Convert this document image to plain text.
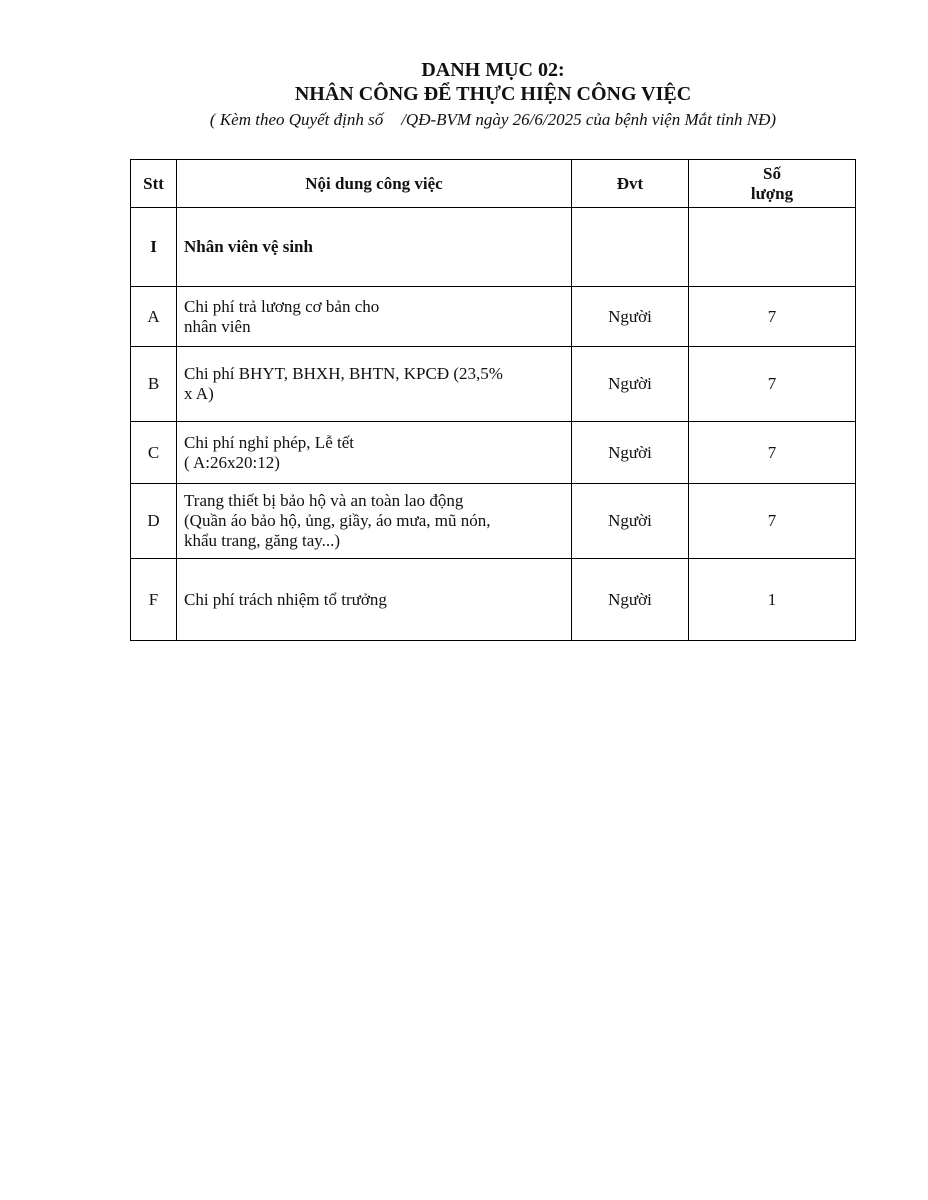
DANH MỤC 02:
NHÂN CÔNG ĐỂ THỰC HIỆN CÔNG VIỆC
( Kèm theo Quyết định số /QĐ-BVM ngày 26/6/2025 của bệnh viện Mắt tỉnh NĐ)
Stt	Nội dung công việc	Đvt	Số
lượng

I	Nhân viên vệ sinh		
A	Chi phí trả lương cơ bản cho
nhân viên	Người	7
B	Chi phí BHYT, BHXH, BHTN, KPCĐ (23,5%
x A)	Người	7
C	Chi phí nghỉ phép, Lễ tết
( A:26x20:12)	Người	7
D	Trang thiết bị bảo hộ và an toàn lao động
(Quần áo bảo hộ, ủng, giầy, áo mưa, mũ nón,
khẩu trang, găng tay...)	Người	7
F	Chi phí trách nhiệm tổ trưởng	Người	1
